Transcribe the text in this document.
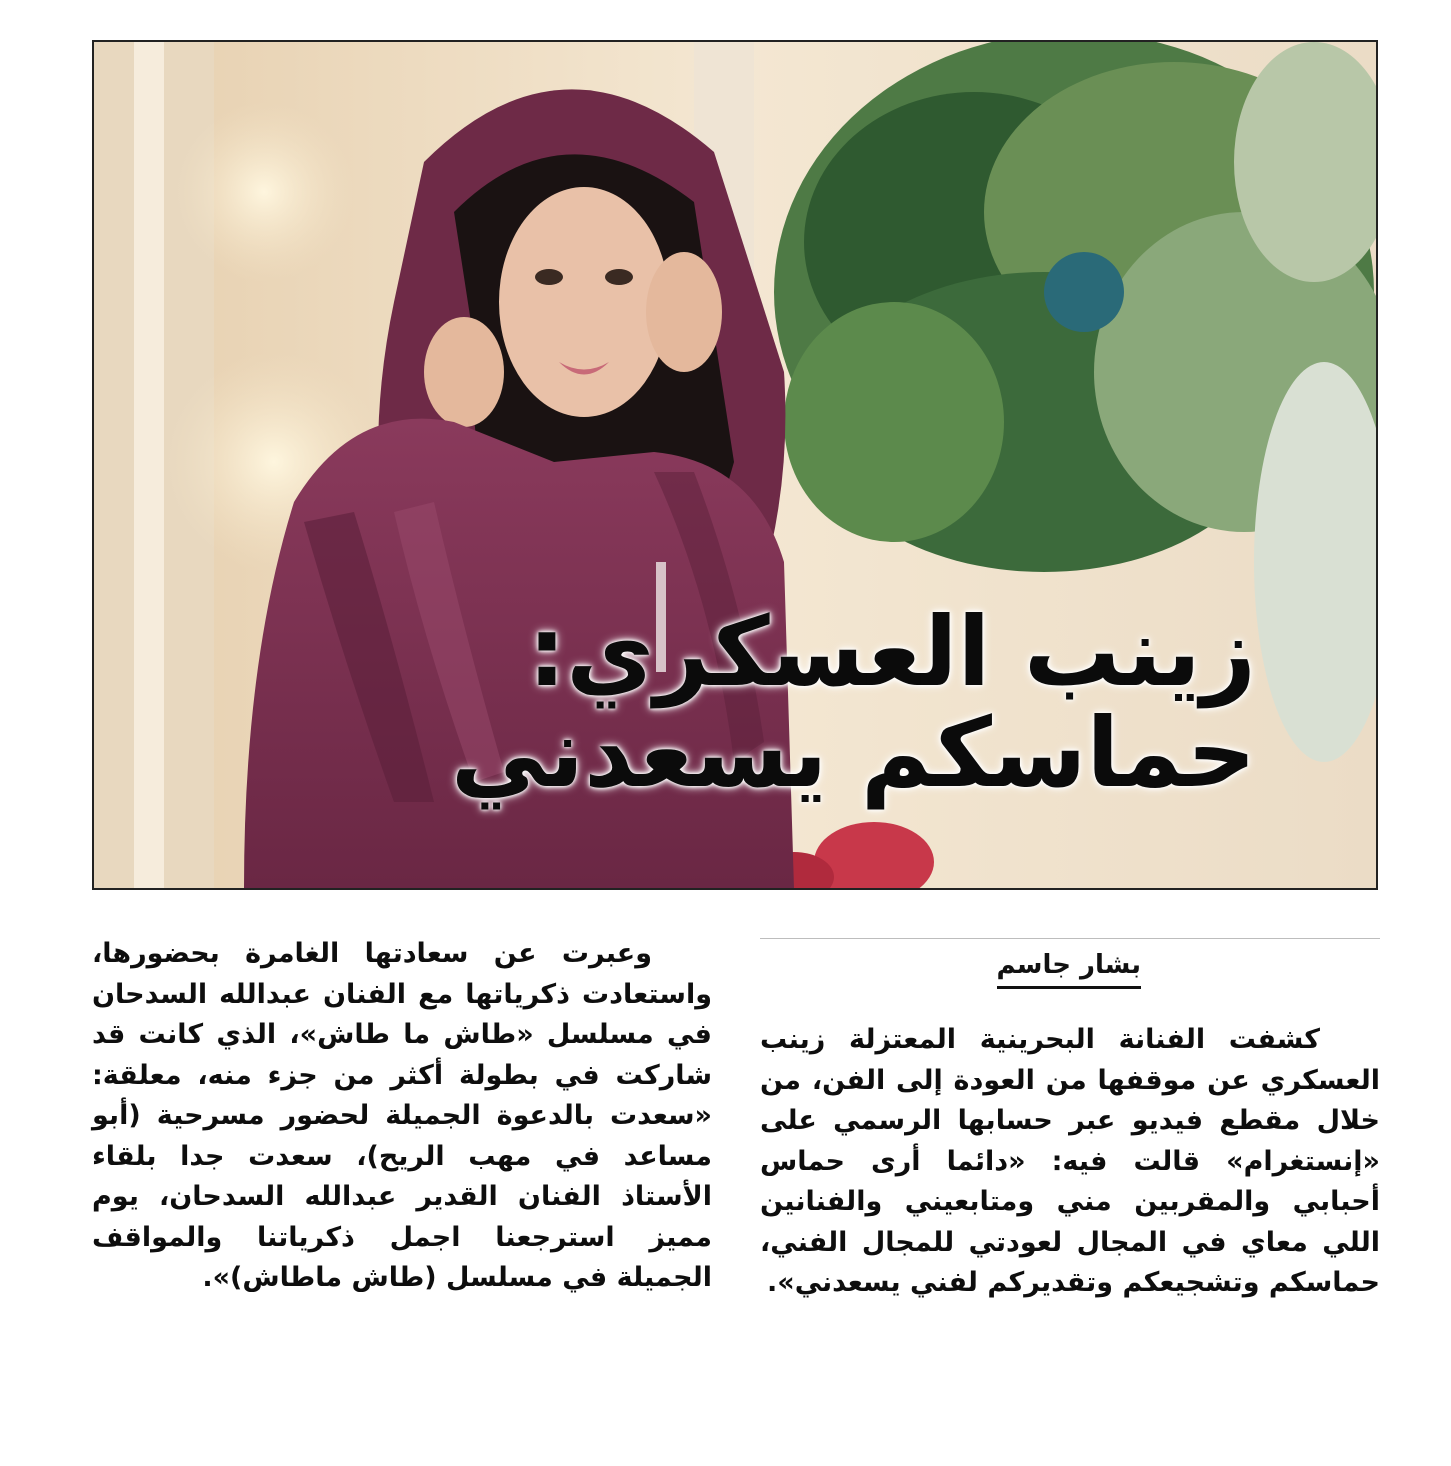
زينب العسكري:
حماسكم يسعدني
بشار جاسم

كشفت الفنانة البحرينية المعتزلة زينب العسكري عن موقفها من العودة إلى الفن، من خلال مقطع فيديو عبر حسابها الرسمي على «إنستغرام» قالت فيه: «دائما أرى حماس أحبابي والمقربين مني ومتابعيني والفنانين اللي معاي في المجال لعودتي للمجال الفني، حماسكم وتشجيعكم وتقديركم لفني يسعدني».

وعبرت عن سعادتها الغامرة بحضورها، واستعادت ذكرياتها مع الفنان عبدالله السدحان في مسلسل «طاش ما طاش»، الذي كانت قد شاركت في بطولة أكثر من جزء منه، معلقة: «سعدت بالدعوة الجميلة لحضور مسرحية (أبو مساعد في مهب الريح)، سعدت جدا بلقاء الأستاذ الفنان القدير عبدالله السدحان، يوم مميز استرجعنا اجمل ذكرياتنا والمواقف الجميلة في مسلسل (طاش ماطاش)».
